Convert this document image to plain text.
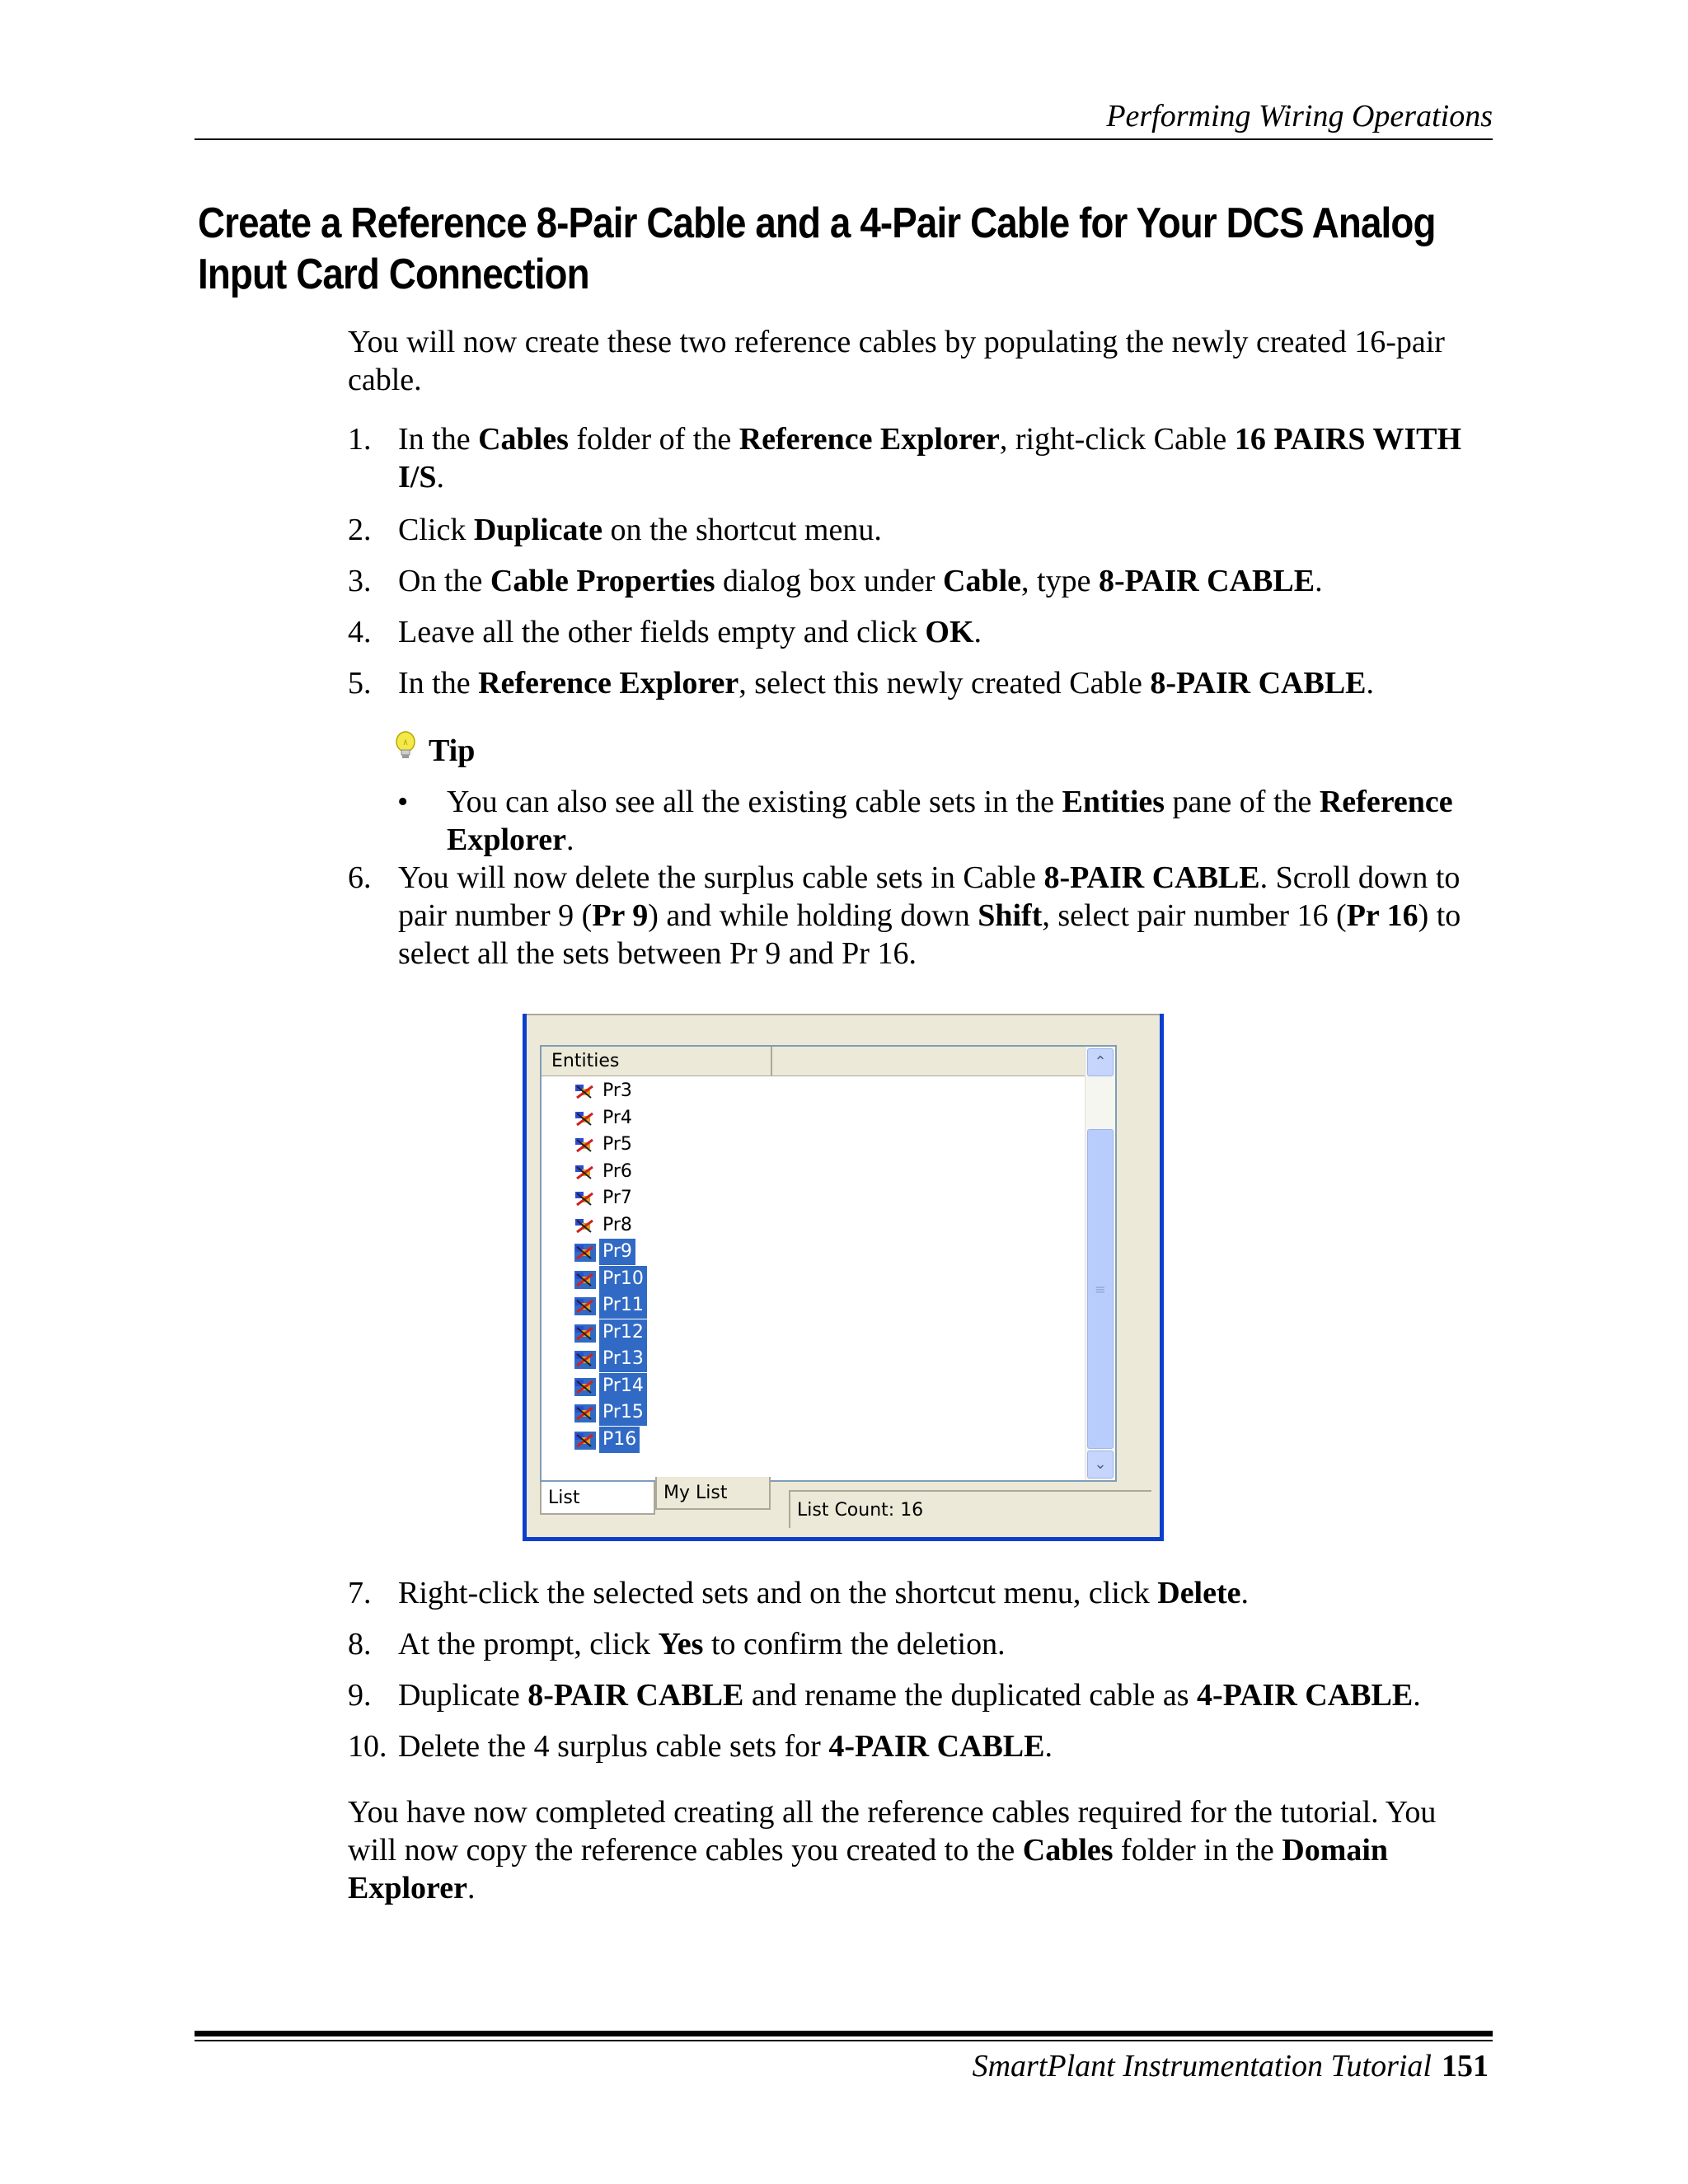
Performing Wiring Operations
Create a Reference 8-Pair Cable and a 4-Pair Cable for Your DCS Analog Input Card Connection
You will now create these two reference cables by populating the newly created 16-pair cable.
1. In the Cables folder of the Reference Explorer, right-click Cable 16 PAIRS WITH I/S.
2. Click Duplicate on the shortcut menu.
3. On the Cable Properties dialog box under Cable, type 8-PAIR CABLE.
4. Leave all the other fields empty and click OK.
5. In the Reference Explorer, select this newly created Cable 8-PAIR CABLE.
Tip
• You can also see all the existing cable sets in the Entities pane of the Reference Explorer.
6. You will now delete the surplus cable sets in Cable 8-PAIR CABLE. Scroll down to pair number 9 (Pr 9) and while holding down Shift, select pair number 16 (Pr 16) to select all the sets between Pr 9 and Pr 16.
Entities
Pr3
Pr4
Pr5
Pr6
Pr7
Pr8
Pr9
Pr10
Pr11
Pr12
Pr13
Pr14
Pr15
P16
⌃
≡
⌄
List	My List
List Count: 16
7. Right-click the selected sets and on the shortcut menu, click Delete.
8. At the prompt, click Yes to confirm the deletion.
9. Duplicate 8-PAIR CABLE and rename the duplicated cable as 4-PAIR CABLE.
10. Delete the 4 surplus cable sets for 4-PAIR CABLE.
You have now completed creating all the reference cables required for the tutorial. You will now copy the reference cables you created to the Cables folder in the Domain Explorer.
SmartPlant Instrumentation Tutorial 151
